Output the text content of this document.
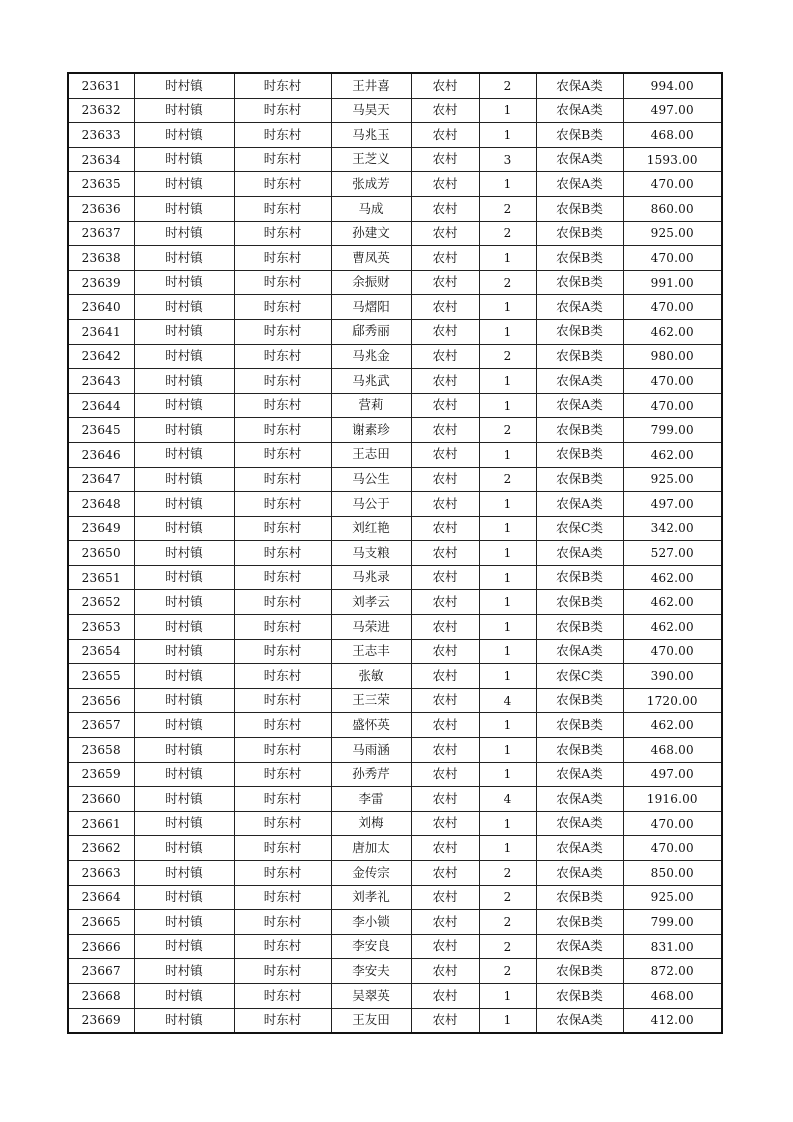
23631	时村镇	时东村	王井喜	农村	2	农保A类	994.00
23632	时村镇	时东村	马昊天	农村	1	农保A类	497.00
23633	时村镇	时东村	马兆玉	农村	1	农保B类	468.00
23634	时村镇	时东村	王芝义	农村	3	农保A类	1593.00
23635	时村镇	时东村	张成芳	农村	1	农保A类	470.00
23636	时村镇	时东村	马成	农村	2	农保B类	860.00
23637	时村镇	时东村	孙建文	农村	2	农保B类	925.00
23638	时村镇	时东村	曹凤英	农村	1	农保B类	470.00
23639	时村镇	时东村	余振财	农村	2	农保B类	991.00
23640	时村镇	时东村	马熠阳	农村	1	农保A类	470.00
23641	时村镇	时东村	郈秀丽	农村	1	农保B类	462.00
23642	时村镇	时东村	马兆金	农村	2	农保B类	980.00
23643	时村镇	时东村	马兆武	农村	1	农保A类	470.00
23644	时村镇	时东村	营莉	农村	1	农保A类	470.00
23645	时村镇	时东村	谢素珍	农村	2	农保B类	799.00
23646	时村镇	时东村	王志田	农村	1	农保B类	462.00
23647	时村镇	时东村	马公生	农村	2	农保B类	925.00
23648	时村镇	时东村	马公于	农村	1	农保A类	497.00
23649	时村镇	时东村	刘红艳	农村	1	农保C类	342.00
23650	时村镇	时东村	马支粮	农村	1	农保A类	527.00
23651	时村镇	时东村	马兆录	农村	1	农保B类	462.00
23652	时村镇	时东村	刘孝云	农村	1	农保B类	462.00
23653	时村镇	时东村	马荣进	农村	1	农保B类	462.00
23654	时村镇	时东村	王志丰	农村	1	农保A类	470.00
23655	时村镇	时东村	张敏	农村	1	农保C类	390.00
23656	时村镇	时东村	王三荣	农村	4	农保B类	1720.00
23657	时村镇	时东村	盛怀英	农村	1	农保B类	462.00
23658	时村镇	时东村	马雨涵	农村	1	农保B类	468.00
23659	时村镇	时东村	孙秀芹	农村	1	农保A类	497.00
23660	时村镇	时东村	李雷	农村	4	农保A类	1916.00
23661	时村镇	时东村	刘梅	农村	1	农保A类	470.00
23662	时村镇	时东村	唐加太	农村	1	农保A类	470.00
23663	时村镇	时东村	金传宗	农村	2	农保A类	850.00
23664	时村镇	时东村	刘孝礼	农村	2	农保B类	925.00
23665	时村镇	时东村	李小锁	农村	2	农保B类	799.00
23666	时村镇	时东村	李安良	农村	2	农保A类	831.00
23667	时村镇	时东村	李安夫	农村	2	农保B类	872.00
23668	时村镇	时东村	吴翠英	农村	1	农保B类	468.00
23669	时村镇	时东村	王友田	农村	1	农保A类	412.00
